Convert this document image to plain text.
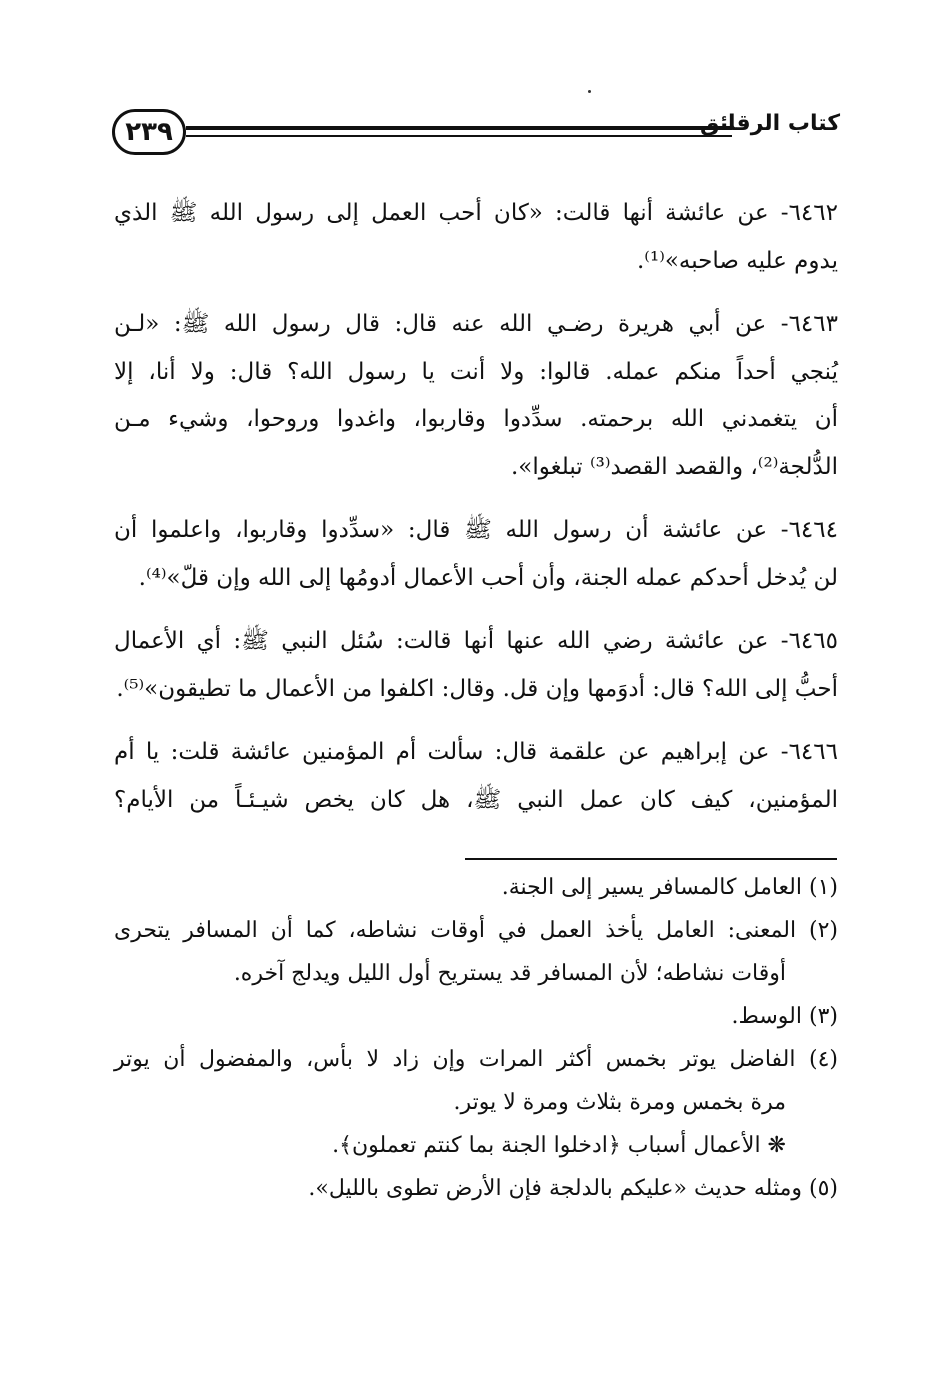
٢٣٩	كتاب الرقائق
٦٤٦٢- عن عائشة أنها قالت: «كان أحب العمل إلى رسول الله ﷺ الذي
يدوم عليه صاحبه»⁽¹⁾.
٦٤٦٣- عن أبي هريرة رضـي الله عنه قال: قال رسول الله ﷺ: «لـن
يُنجي أحداً منكم عمله. قالوا: ولا أنت يا رسول الله؟ قال: ولا أنا، إلا
أن يتغمدني الله برحمته. سدِّدوا وقاربوا، واغدوا وروحوا، وشيء مـن
الدُّلجة⁽²⁾، والقصد القصد⁽³⁾ تبلغوا».
٦٤٦٤- عن عائشة أن رسول الله ﷺ قال: «سدِّدوا وقاربوا، واعلموا أن
لن يُدخل أحدكم عمله الجنة، وأن أحب الأعمال أدومُها إلى الله وإن قلّ»⁽⁴⁾.
٦٤٦٥- عن عائشة رضي الله عنها أنها قالت: سُئل النبي ﷺ: أي الأعمال
أحبُّ إلى الله؟ قال: أدوَمها وإن قل. وقال: اكلفوا من الأعمال ما تطيقون»⁽⁵⁾.
٦٤٦٦- عن إبراهيم عن علقمة قال: سألت أم المؤمنين عائشة قلت: يا أم
المؤمنين، كيف كان عمل النبي ﷺ، هل كان يخص شيـئـاً من الأيام؟
(١) العامل كالمسافر يسير إلى الجنة.
(٢) المعنى: العامل يأخذ العمل في أوقات نشاطه، كما أن المسافر يتحرى
أوقات نشاطه؛ لأن المسافر قد يستريح أول الليل ويدلج آخره.
(٣) الوسط.
(٤) الفاضل يوتر بخمس أكثر المرات وإن زاد لا بأس، والمفضول أن يوتر
مرة بخمس ومرة بثلاث ومرة لا يوتر.
❋ الأعمال أسباب ﴿ادخلوا الجنة بما كنتم تعملون﴾.
(٥) ومثله حديث «عليكم بالدلجة فإن الأرض تطوى بالليل».
